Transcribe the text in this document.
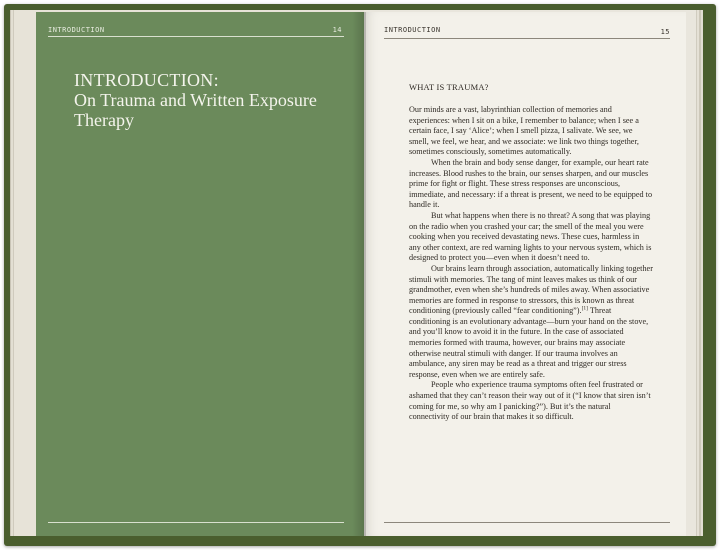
INTRODUCTION	14
INTRODUCTION:
On Trauma and Written Exposure Therapy
INTRODUCTION	15
WHAT IS TRAUMA?

Our minds are a vast, labyrinthian collection of memories and experiences: when I sit on a bike, I remember to balance; when I see a certain face, I say ‘Alice’; when I smell pizza, I salivate. We see, we smell, we feel, we hear, and we associate: we link two things together, sometimes consciously, sometimes automatically.

When the brain and body sense danger, for example, our heart rate increases. Blood rushes to the brain, our senses sharpen, and our muscles prime for fight or flight. These stress responses are unconscious, immediate, and necessary: if a threat is present, we need to be equipped to handle it.

But what happens when there is no threat? A song that was playing on the radio when you crashed your car; the smell of the meal you were cooking when you received devastating news. These cues, harmless in any other context, are red warning lights to your nervous system, which is designed to protect you—even when it doesn’t need to.

Our brains learn through association, automatically linking together stimuli with memories. The tang of mint leaves makes us think of our grandmother, even when she’s hundreds of miles away. When associative memories are formed in response to stressors, this is known as threat conditioning (previously called “fear conditioning”).[1] Threat conditioning is an evolutionary advantage—burn your hand on the stove, and you’ll know to avoid it in the future. In the case of associated memories formed with trauma, however, our brains may associate otherwise neutral stimuli with danger. If our trauma involves an ambulance, any siren may be read as a threat and trigger our stress response, even when we are entirely safe.

People who experience trauma symptoms often feel frustrated or ashamed that they can’t reason their way out of it (“I know that siren isn’t coming for me, so why am I panicking?”). But it’s the natural connectivity of our brain that makes it so difficult.
